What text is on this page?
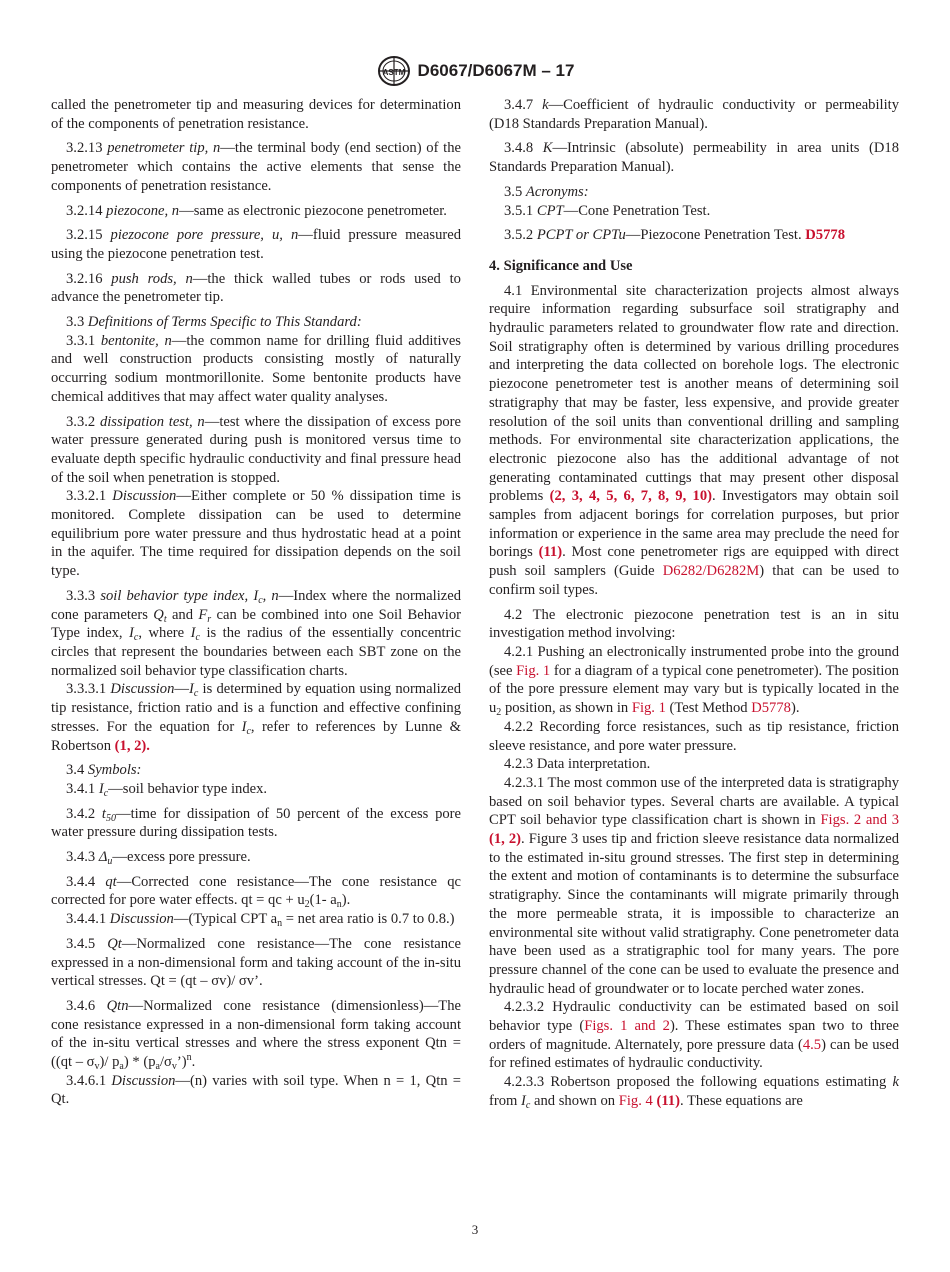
ASTM D6067/D6067M – 17

called the penetrometer tip and measuring devices for determination of the components of penetration resistance.

3.2.13 penetrometer tip, n—the terminal body (end section) of the penetrometer which contains the active elements that sense the components of penetration resistance.

3.2.14 piezocone, n—same as electronic piezocone penetrometer.

3.2.15 piezocone pore pressure, u, n—fluid pressure measured using the piezocone penetration test.

3.2.16 push rods, n—the thick walled tubes or rods used to advance the penetrometer tip.

3.3 Definitions of Terms Specific to This Standard:

3.3.1 bentonite, n—the common name for drilling fluid additives and well construction products consisting mostly of naturally occurring sodium montmorillonite. Some bentonite products have chemical additives that may affect water quality analyses.

3.3.2 dissipation test, n—test where the dissipation of excess pore water pressure generated during push is monitored versus time to evaluate depth specific hydraulic conductivity and final pressure head of the soil when penetration is stopped.

3.3.2.1 Discussion—Either complete or 50 % dissipation time is monitored. Complete dissipation can be used to determine equilibrium pore water pressure and thus hydrostatic head at a point in the aquifer. The time required for dissipation depends on the soil type.

3.3.3 soil behavior type index, $I_c$, n—Index where the normalized cone parameters $Q_t$ and $F_r$ can be combined into one Soil Behavior Type index, $I_c$, where $I_c$ is the radius of the essentially concentric circles that represent the boundaries between each SBT zone on the normalized soil behavior type classification charts.

3.3.3.1 $Discussion—I_c$ is determined by equation using normalized tip resistance, friction ratio and is a function and effective confining stresses. For the equation for $I_c$, refer to references by Lunne & Robertson (1, 2).

3.4 Symbols:

3.4.1 $I_c—soil$ behavior type index.

3.4.2 $t_{50}—time$ for dissipation of 50 percent of the excess pore water pressure during dissipation tests.

3.4.3 $\Delta_u—excess$ pore pressure.

3.4.4 qt—Corrected cone resistance—The cone resistance qc corrected for pore water effects. qt = qc + $u_2(1-$ $a_n$).

3.4.4.1 Discussion—(Typical CPT $a_n$ = net area ratio is 0.7 to 0.8.)

3.4.5 Qt—Normalized cone resistance—The cone resistance expressed in a non-dimensional form and taking account of the in-situ vertical stresses. Qt = (qt – σv)/ σv’.

3.4.6 Qtn—Normalized cone resistance (dimensionless)—The cone resistance expressed in a non-dimensional form taking account of the in-situ vertical stresses and where the stress exponent Qtn = ($(qt - \sigma_v)/$ $p_a$) * $(p_a/\sigma_v’)^n$.

3.4.6.1 Discussion—(n) varies with soil type. When n = 1, Qtn = Qt.

3.4.7 k—Coefficient of hydraulic conductivity or permeability (D18 Standards Preparation Manual).

3.4.8 K—Intrinsic (absolute) permeability in area units (D18 Standards Preparation Manual).

3.5 Acronyms:

3.5.1 CPT—Cone Penetration Test.

3.5.2 PCPT or CPTu—Piezocone Penetration Test. D5778

4. Significance and Use

4.1 Environmental site characterization projects almost always require information regarding subsurface soil stratigraphy and hydraulic parameters related to groundwater flow rate and direction. Soil stratigraphy often is determined by various drilling procedures and interpreting the data collected on borehole logs. The electronic piezocone penetrometer test is another means of determining soil stratigraphy that may be faster, less expensive, and provide greater resolution of the soil units than conventional drilling and sampling methods. For environmental site characterization applications, the electronic piezocone also has the additional advantage of not generating contaminated cuttings that may present other disposal problems (2, 3, 4, 5, 6, 7, 8, 9, 10). Investigators may obtain soil samples from adjacent borings for correlation purposes, but prior information or experience in the same area may preclude the need for borings (11). Most cone penetrometer rigs are equipped with direct push soil samplers (Guide D6282/D6282M) that can be used to confirm soil types.

4.2 The electronic piezocone penetration test is an in situ investigation method involving:

4.2.1 Pushing an electronically instrumented probe into the ground (see Fig. 1 for a diagram of a typical cone penetrometer). The position of the pore pressure element may vary but is typically located in the $u_2$ position, as shown in Fig. 1 (Test Method D5778).

4.2.2 Recording force resistances, such as tip resistance, friction sleeve resistance, and pore water pressure.

4.2.3 Data interpretation.

4.2.3.1 The most common use of the interpreted data is stratigraphy based on soil behavior types. Several charts are available. A typical CPT soil behavior type classification chart is shown in Figs. 2 and 3 (1, 2). Figure 3 uses tip and friction sleeve resistance data normalized to the estimated in-situ ground stresses. The first step in determining the extent and motion of contaminants is to determine the subsurface stratigraphy. Since the contaminants will migrate primarily through the more permeable strata, it is impossible to characterize an environmental site without valid stratigraphy. Cone penetrometer data have been used as a stratigraphic tool for many years. The pore pressure channel of the cone can be used to evaluate the presence and hydraulic head of groundwater or to locate perched water zones.

4.2.3.2 Hydraulic conductivity can be estimated based on soil behavior type (Figs. 1 and 2). These estimates span two to three orders of magnitude. Alternately, pore pressure data (4.5) can be used for refined estimates of hydraulic conductivity.

4.2.3.3 Robertson proposed the following equations estimating k from $I_c$ and shown on Fig. 4 (11). These equations are

3
